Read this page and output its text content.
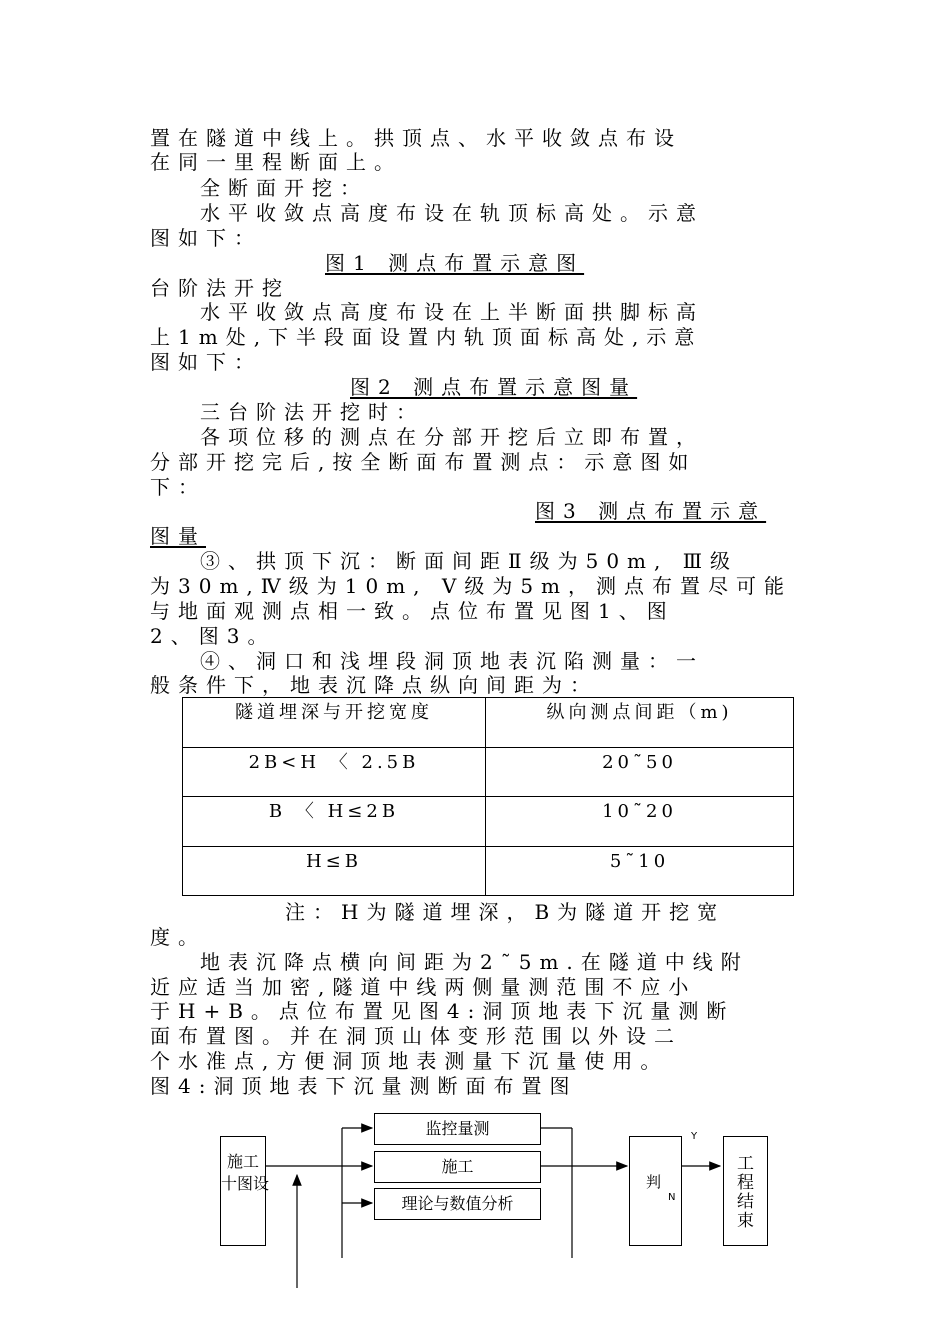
置在隧道中线上。拱顶点、水平收敛点布设
在同一里程断面上。
全断面开挖：
水平收敛点高度布设在轨顶标高处。示意
图如下：
图1 测点布置示意图
台阶法开挖
水平收敛点高度布设在上半断面拱脚标高
上1m处,下半段面设置内轨顶面标高处,示意
图如下：
图2 测点布置示意图量
三台阶法开挖时：
各项位移的测点在分部开挖后立即布置，
分部开挖完后,按全断面布置测点：示意图如
下：
图3 测点布置示意
图量
③、拱顶下沉：断面间距Ⅱ级为50m, Ⅲ级
为30m,Ⅳ级为10m, Ⅴ级为5m，测点布置尽可能
与地面观测点相一致。点位布置见图1、图
2、图3。
④、洞口和浅埋段洞顶地表沉陷测量：一
般条件下，地表沉降点纵向间距为：
隧道埋深与开挖宽度	纵向测点间距（m)
2B<H 〈 2.5B	20˜50
B 〈 H≤2B	10˜20
H≤B	5˜10
注：H为隧道埋深，B为隧道开挖宽
度。
地表沉降点横向间距为2˜5m.在隧道中线附
近应适当加密,隧道中线两侧量测范围不应小
于H+B。点位布置见图4:洞顶地表下沉量测断
面布置图。并在洞顶山体变形范围以外设二
个水准点,方便洞顶地表测量下沉量使用。
图4:洞顶地表下沉量测断面布置图
施工
十图设
监控量测
施工
理论与数值分析
判
N
Y
工程结束
